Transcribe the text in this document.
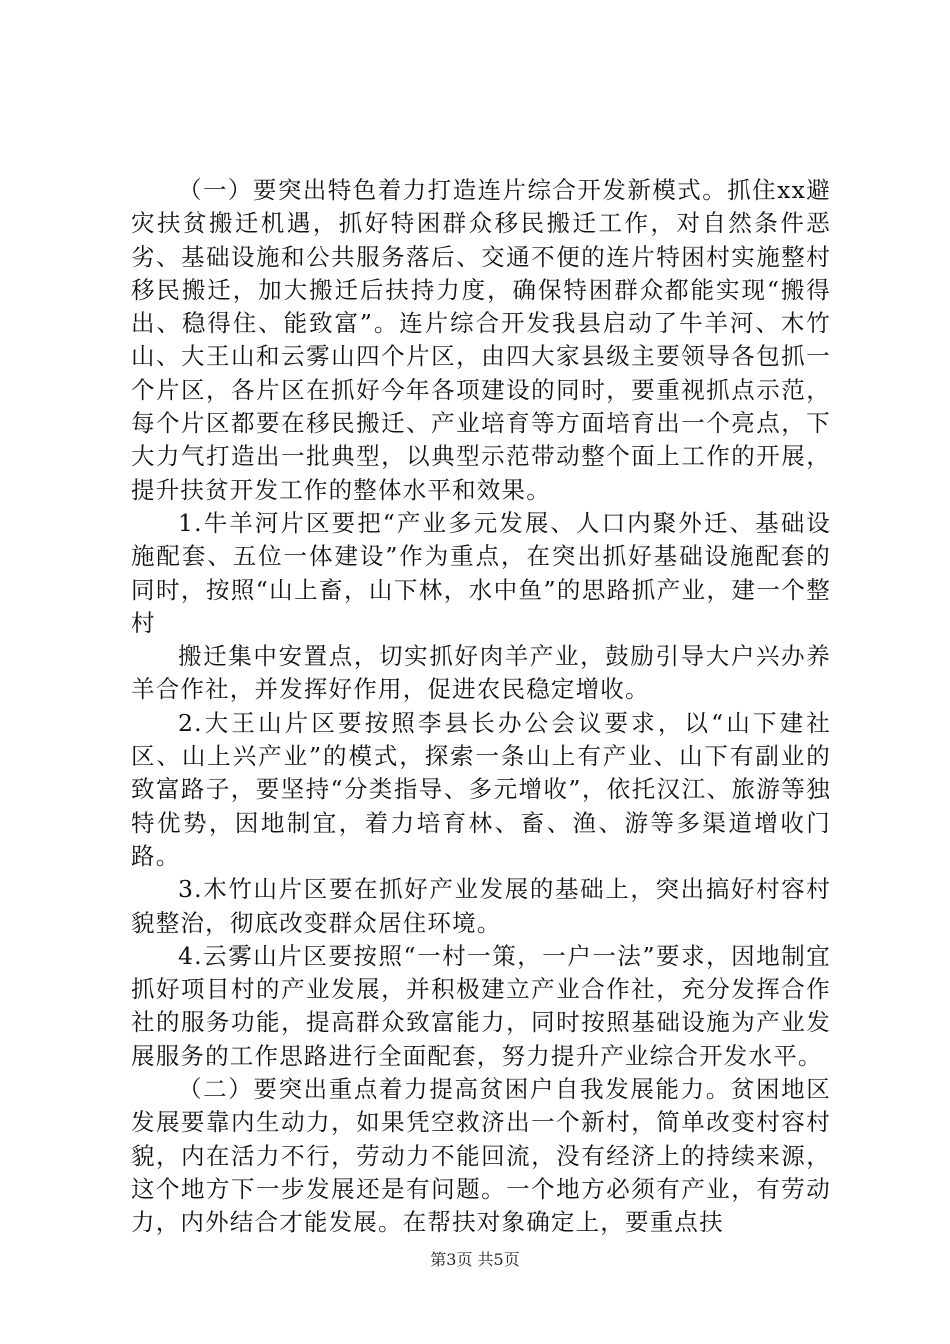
（一）要突出特色着力打造连片综合开发新模式。抓住xx避灾扶贫搬迁机遇，抓好特困群众移民搬迁工作，对自然条件恶劣、基础设施和公共服务落后、交通不便的连片特困村实施整村移民搬迁，加大搬迁后扶持力度，确保特困群众都能实现“搬得出、稳得住、能致富”。连片综合开发我县启动了牛羊河、木竹山、大王山和云雾山四个片区，由四大家县级主要领导各包抓一个片区，各片区在抓好今年各项建设的同时，要重视抓点示范，每个片区都要在移民搬迁、产业培育等方面培育出一个亮点，下大力气打造出一批典型，以典型示范带动整个面上工作的开展，提升扶贫开发工作的整体水平和效果。

1.牛羊河片区要把“产业多元发展、人口内聚外迁、基础设施配套、五位一体建设”作为重点，在突出抓好基础设施配套的同时，按照“山上畜，山下林，水中鱼”的思路抓产业，建一个整村

搬迁集中安置点，切实抓好肉羊产业，鼓励引导大户兴办养羊合作社，并发挥好作用，促进农民稳定增收。

2.大王山片区要按照李县长办公会议要求，以“山下建社区、山上兴产业”的模式，探索一条山上有产业、山下有副业的致富路子，要坚持“分类指导、多元增收”，依托汉江、旅游等独特优势，因地制宜，着力培育林、畜、渔、游等多渠道增收门路。

3.木竹山片区要在抓好产业发展的基础上，突出搞好村容村貌整治，彻底改变群众居住环境。

4.云雾山片区要按照“一村一策，一户一法”要求，因地制宜抓好项目村的产业发展，并积极建立产业合作社，充分发挥合作社的服务功能，提高群众致富能力，同时按照基础设施为产业发展服务的工作思路进行全面配套，努力提升产业综合开发水平。

（二）要突出重点着力提高贫困户自我发展能力。贫困地区发展要靠内生动力，如果凭空救济出一个新村，简单改变村容村貌，内在活力不行，劳动力不能回流，没有经济上的持续来源，这个地方下一步发展还是有问题。一个地方必须有产业，有劳动力，内外结合才能发展。在帮扶对象确定上，要重点扶

第3页 共5页
